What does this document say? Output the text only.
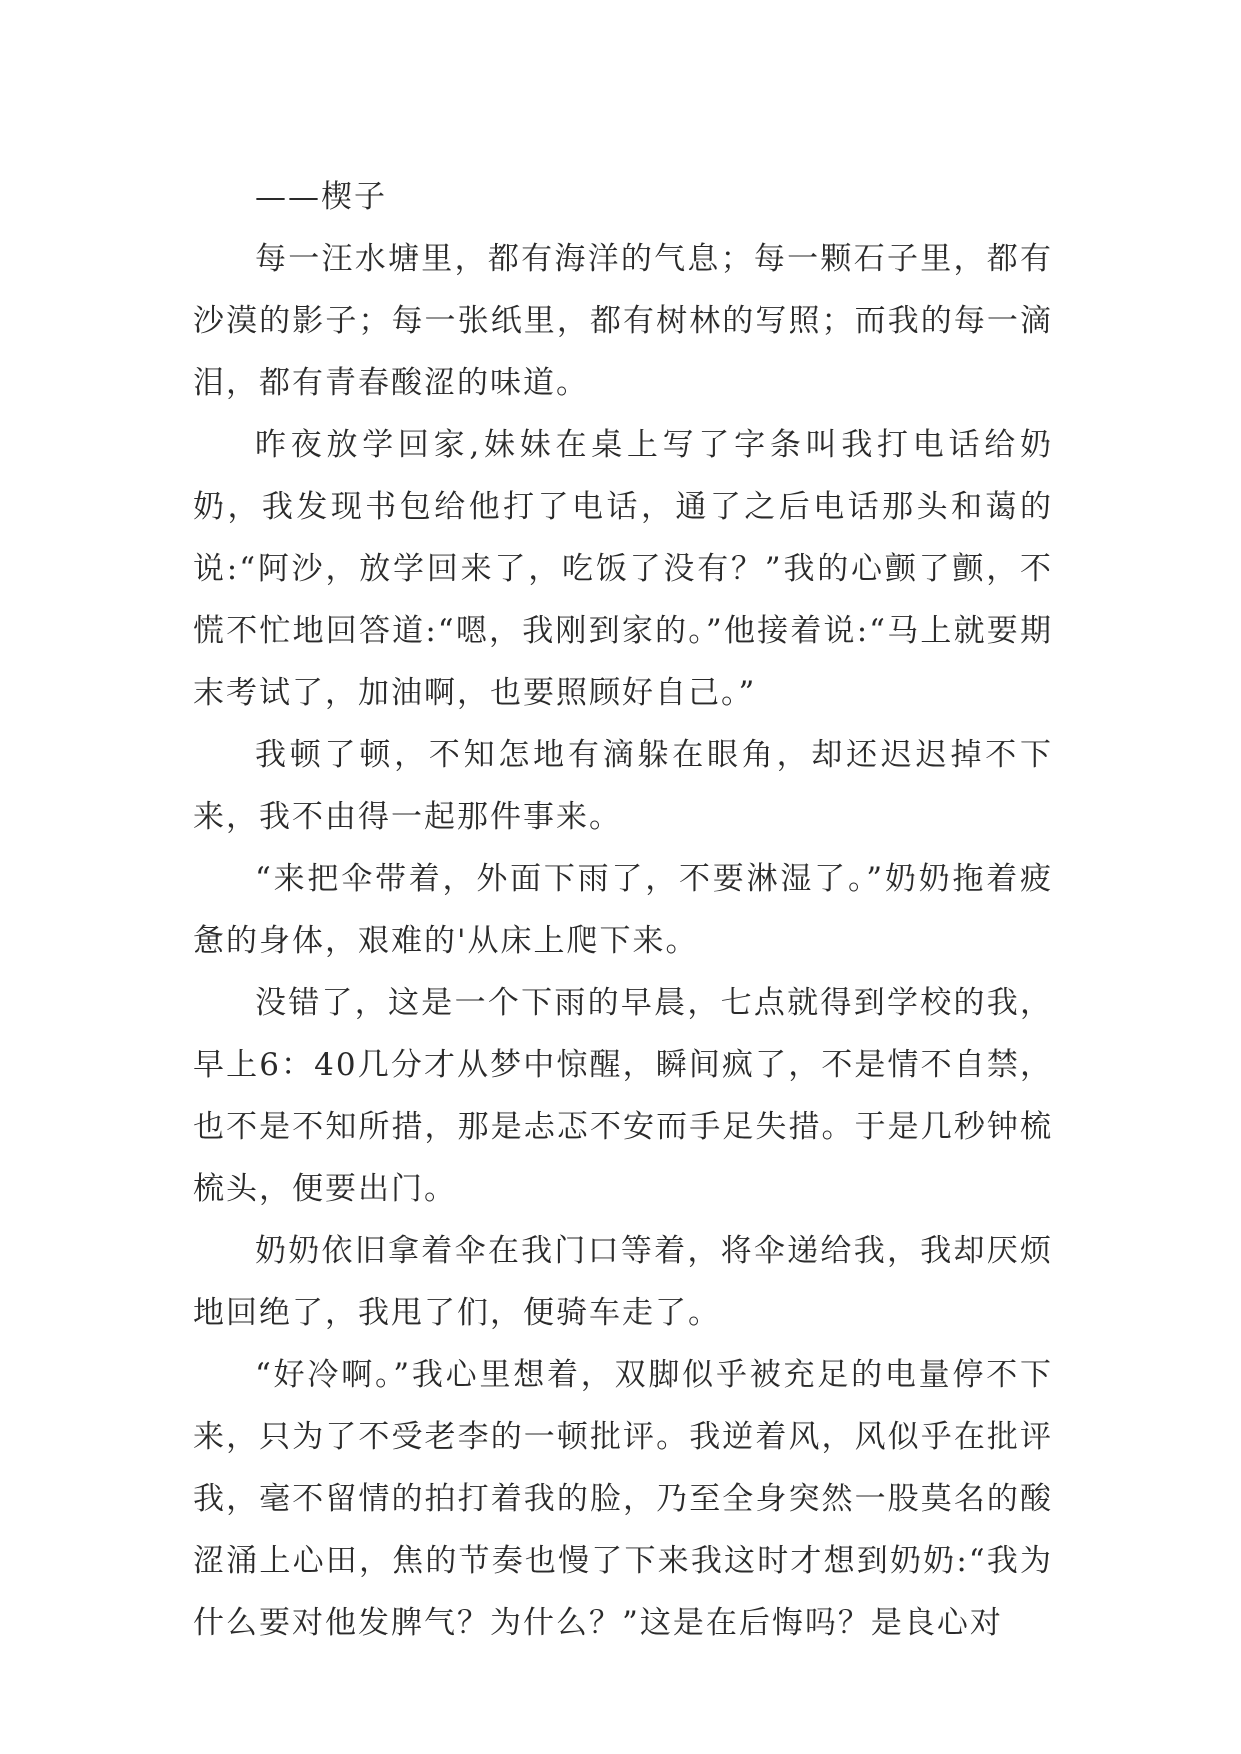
——楔子

每一汪水塘里，都有海洋的气息；每一颗石子里，都有沙漠的影子；每一张纸里，都有树林的写照；而我的每一滴泪，都有青春酸涩的味道。

昨夜放学回家,妹妹在桌上写了字条叫我打电话给奶奶，我发现书包给他打了电话，通了之后电话那头和蔼的说:“阿沙，放学回来了，吃饭了没有？”我的心颤了颤，不慌不忙地回答道:“嗯，我刚到家的。”他接着说:“马上就要期末考试了，加油啊，也要照顾好自己。”

我顿了顿，不知怎地有滴躲在眼角，却还迟迟掉不下来，我不由得一起那件事来。

“来把伞带着，外面下雨了，不要淋湿了。”奶奶拖着疲惫的身体，艰难的'从床上爬下来。

没错了，这是一个下雨的早晨，七点就得到学校的我，早上6：40几分才从梦中惊醒，瞬间疯了，不是情不自禁，也不是不知所措，那是忐忑不安而手足失措。于是几秒钟梳梳头，便要出门。

奶奶依旧拿着伞在我门口等着，将伞递给我，我却厌烦地回绝了，我甩了们，便骑车走了。

“好冷啊。”我心里想着，双脚似乎被充足的电量停不下来，只为了不受老李的一顿批评。我逆着风，风似乎在批评我，毫不留情的拍打着我的脸，乃至全身突然一股莫名的酸涩涌上心田，焦的节奏也慢了下来我这时才想到奶奶:“我为什么要对他发脾气？为什么？”这是在后悔吗？是良心对
